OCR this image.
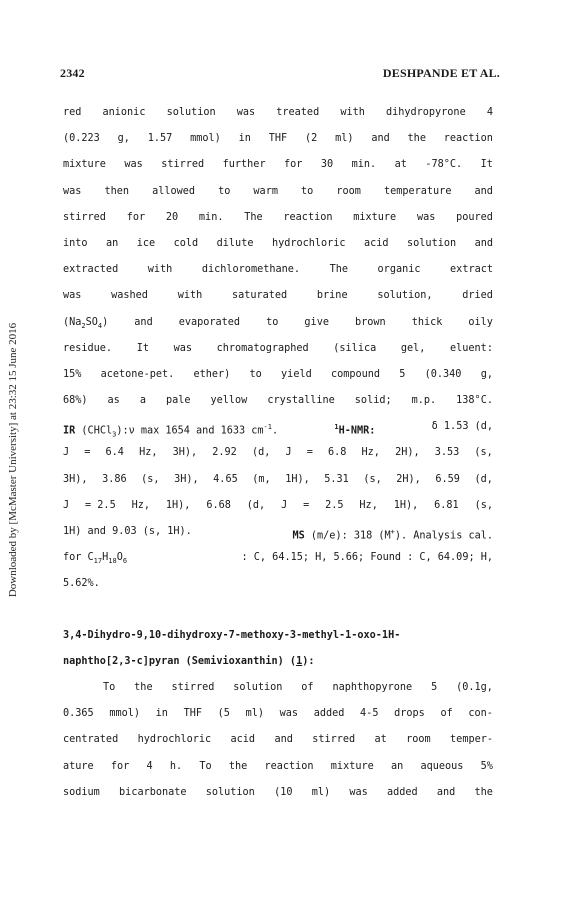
2342	DESHPANDE ET AL.
Downloaded by [McMaster University] at 23:32 15 June 2016
red anionic solution was treated with dihydropyrone 4
(0.223 g, 1.57 mmol) in THF (2 ml) and the reaction
mixture was stirred further for 30 min. at -78°C. It
was then allowed to warm to room temperature and
stirred for 20 min. The reaction mixture was poured
into an ice cold dilute hydrochloric acid solution and
extracted	with	dichloromethane.	The	organic	extract
was	washed	with	saturated	brine	solution,	dried
$(Na_2SO_4)$	and	evaporated	to	give	brown	thick	oily
residue. It was chromatographed (silica gel, eluent:
15% acetone-pet. ether) to yield compound 5 (0.340 g,
68%) as a pale yellow crystalline solid; m.p. 138°C.
IR (CHCl$_3$):ν max 1654 and 1633 $cm^{-1}$.	$^1$H-NMR:	δ 1.53 (d,
J = 6.4 Hz, 3H), 2.92 (d, J = 6.8 Hz, 2H), 3.53 (s,
3H), 3.86 (s, 3H), 4.65 (m, 1H), 5.31 (s, 2H), 6.59 (d,
J = 2.5 Hz, 1H), 6.68 (d, J = 2.5 Hz, 1H), 6.81 (s,
1H) and 9.03 (s, 1H).	MS (m/e): 318 (M+). Analysis cal.
for $C_{17}H_{18}O_6$	: C, 64.15; H, 5.66; Found : C, 64.09; H,
5.62%.
3,4-Dihydro-9,10-dihydroxy-7-methoxy-3-methyl-1-oxo-1H-
naphtho[2,3-c]pyran (Semivioxanthin) (1):
To the stirred solution of naphthopyrone 5 (0.1g,
0.365 mmol) in THF (5 ml) was added 4-5 drops of con-
centrated hydrochloric acid and stirred at room temper-
ature for 4 h. To the reaction mixture an aqueous 5%
sodium bicarbonate solution (10 ml) was added and the
